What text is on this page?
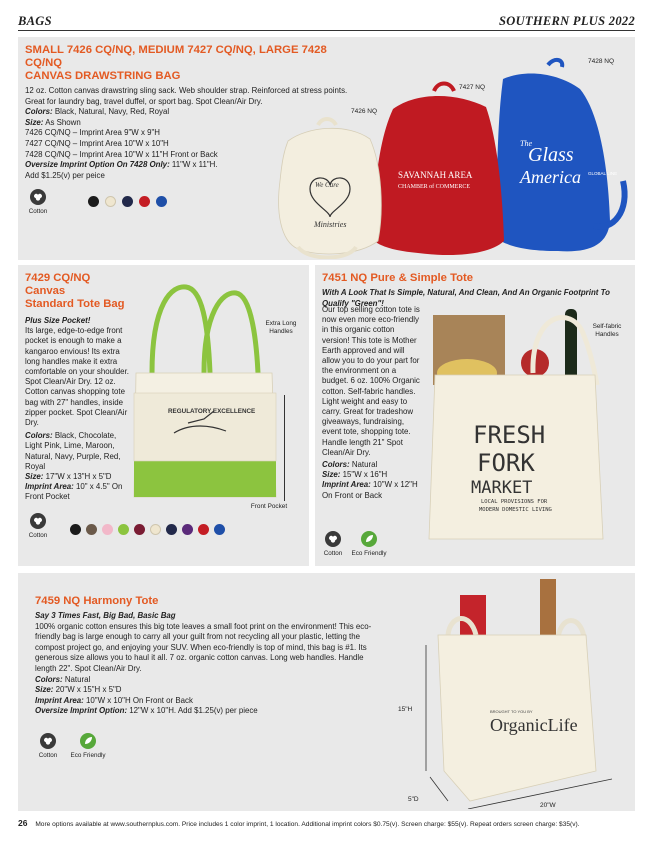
BAGS	SOUTHERN PLUS 2022
SMALL 7426 CQ/NQ, MEDIUM 7427 CQ/NQ, LARGE 7428 CQ/NQ
CANVAS DRAWSTRING BAG

12 oz. Cotton canvas drawstring sling sack. Web shoulder strap. Reinforced at stress points. Great for laundry bag, travel duffel, or sport bag. Spot Clean/Air Dry.

Colors: Black, Natural, Navy, Red, Royal

Size: As Shown

7426 CQ/NQ – Imprint Area 9"W x 9"H

7427 CQ/NQ – Imprint Area 10"W x 10"H

7428 CQ/NQ – Imprint Area 10"W x 11"H Front or Back

Oversize Imprint Option On 7428 Only: 11"W x 11"H.

Add $1.25(v) per peice

Cotton
The
Glass
America GLOBAL LINE
SAVANNAH AREA
CHAMBER of COMMERCE
We Care
Ministries
7426 NQ
7427 NQ
7428 NQ
7429 CQ/NQ Canvas
Standard Tote Bag

Plus Size Pocket!

Its large, edge-to-edge front pocket is enough to make a kangaroo envious! Its extra long handles make it extra comfortable on your shoulder. Spot Clean/Air Dry. 12 oz. Cotton canvas shopping tote bag with 27" handles, inside zipper pocket. Spot Clean/Air Dry.

Colors: Black, Chocolate, Light Pink, Lime, Maroon, Natural, Navy, Purple, Red, Royal

Size: 17"W x 13"H x 5"D

Imprint Area: 10" x 4.5" On Front Pocket

Cotton
REGULATORY EXCELLENCE
Extra Long Handles
Front Pocket
7451 NQ Pure & Simple Tote

With A Look That Is Simple, Natural, And Clean, And An Organic Footprint To Qualify "Green"!

Our top selling cotton tote is now even more eco-friendly in this organic cotton version! This tote is Mother Earth approved and will allow you to do your part for the environment on a budget. 6 oz. 100% Organic cotton. Self-fabric handles. Light weight and easy to carry. Great for tradeshow giveaways, fundraising, event tote, shopping tote. Handle length 21" Spot Clean/Air Dry.

Colors: Natural

Size: 15"W x 16"H

Imprint Area: 10"W x 12"H On Front or Back

Cotton	Eco Friendly
FRESH
FORK
MARKET
LOCAL PROVISIONS FOR
MODERN DOMESTIC LIVING
Self-fabric Handles
7459 NQ Harmony Tote

Say 3 Times Fast, Big Bad, Basic Bag

100% organic cotton ensures this big tote leaves a small foot print on the environment! This eco-friendly bag is large enough to carry all your guilt from not recycling all your plastic, letting the compost project go, and enjoying your SUV. When eco-friendly is top of mind, this bag is #1. Its generous size allows you to haul it all. 7 oz. organic cotton canvas. Long web handles. Handle length 22". Spot Clean/Air Dry.

Colors: Natural

Size: 20"W x 15"H x 5"D

Imprint Area: 10"W x 10"H On Front or Back

Oversize Imprint Option: 12"W x 10"H. Add $1.25(v) per piece

Cotton	Eco Friendly
BROUGHT TO YOU BY
OrganicLife
15"H
5"D
20"W
26 More options available at www.southernplus.com. Price includes 1 color imprint, 1 location. Additional imprint colors $0.75(v). Screen charge: $55(v). Repeat orders screen charge: $35(v).
